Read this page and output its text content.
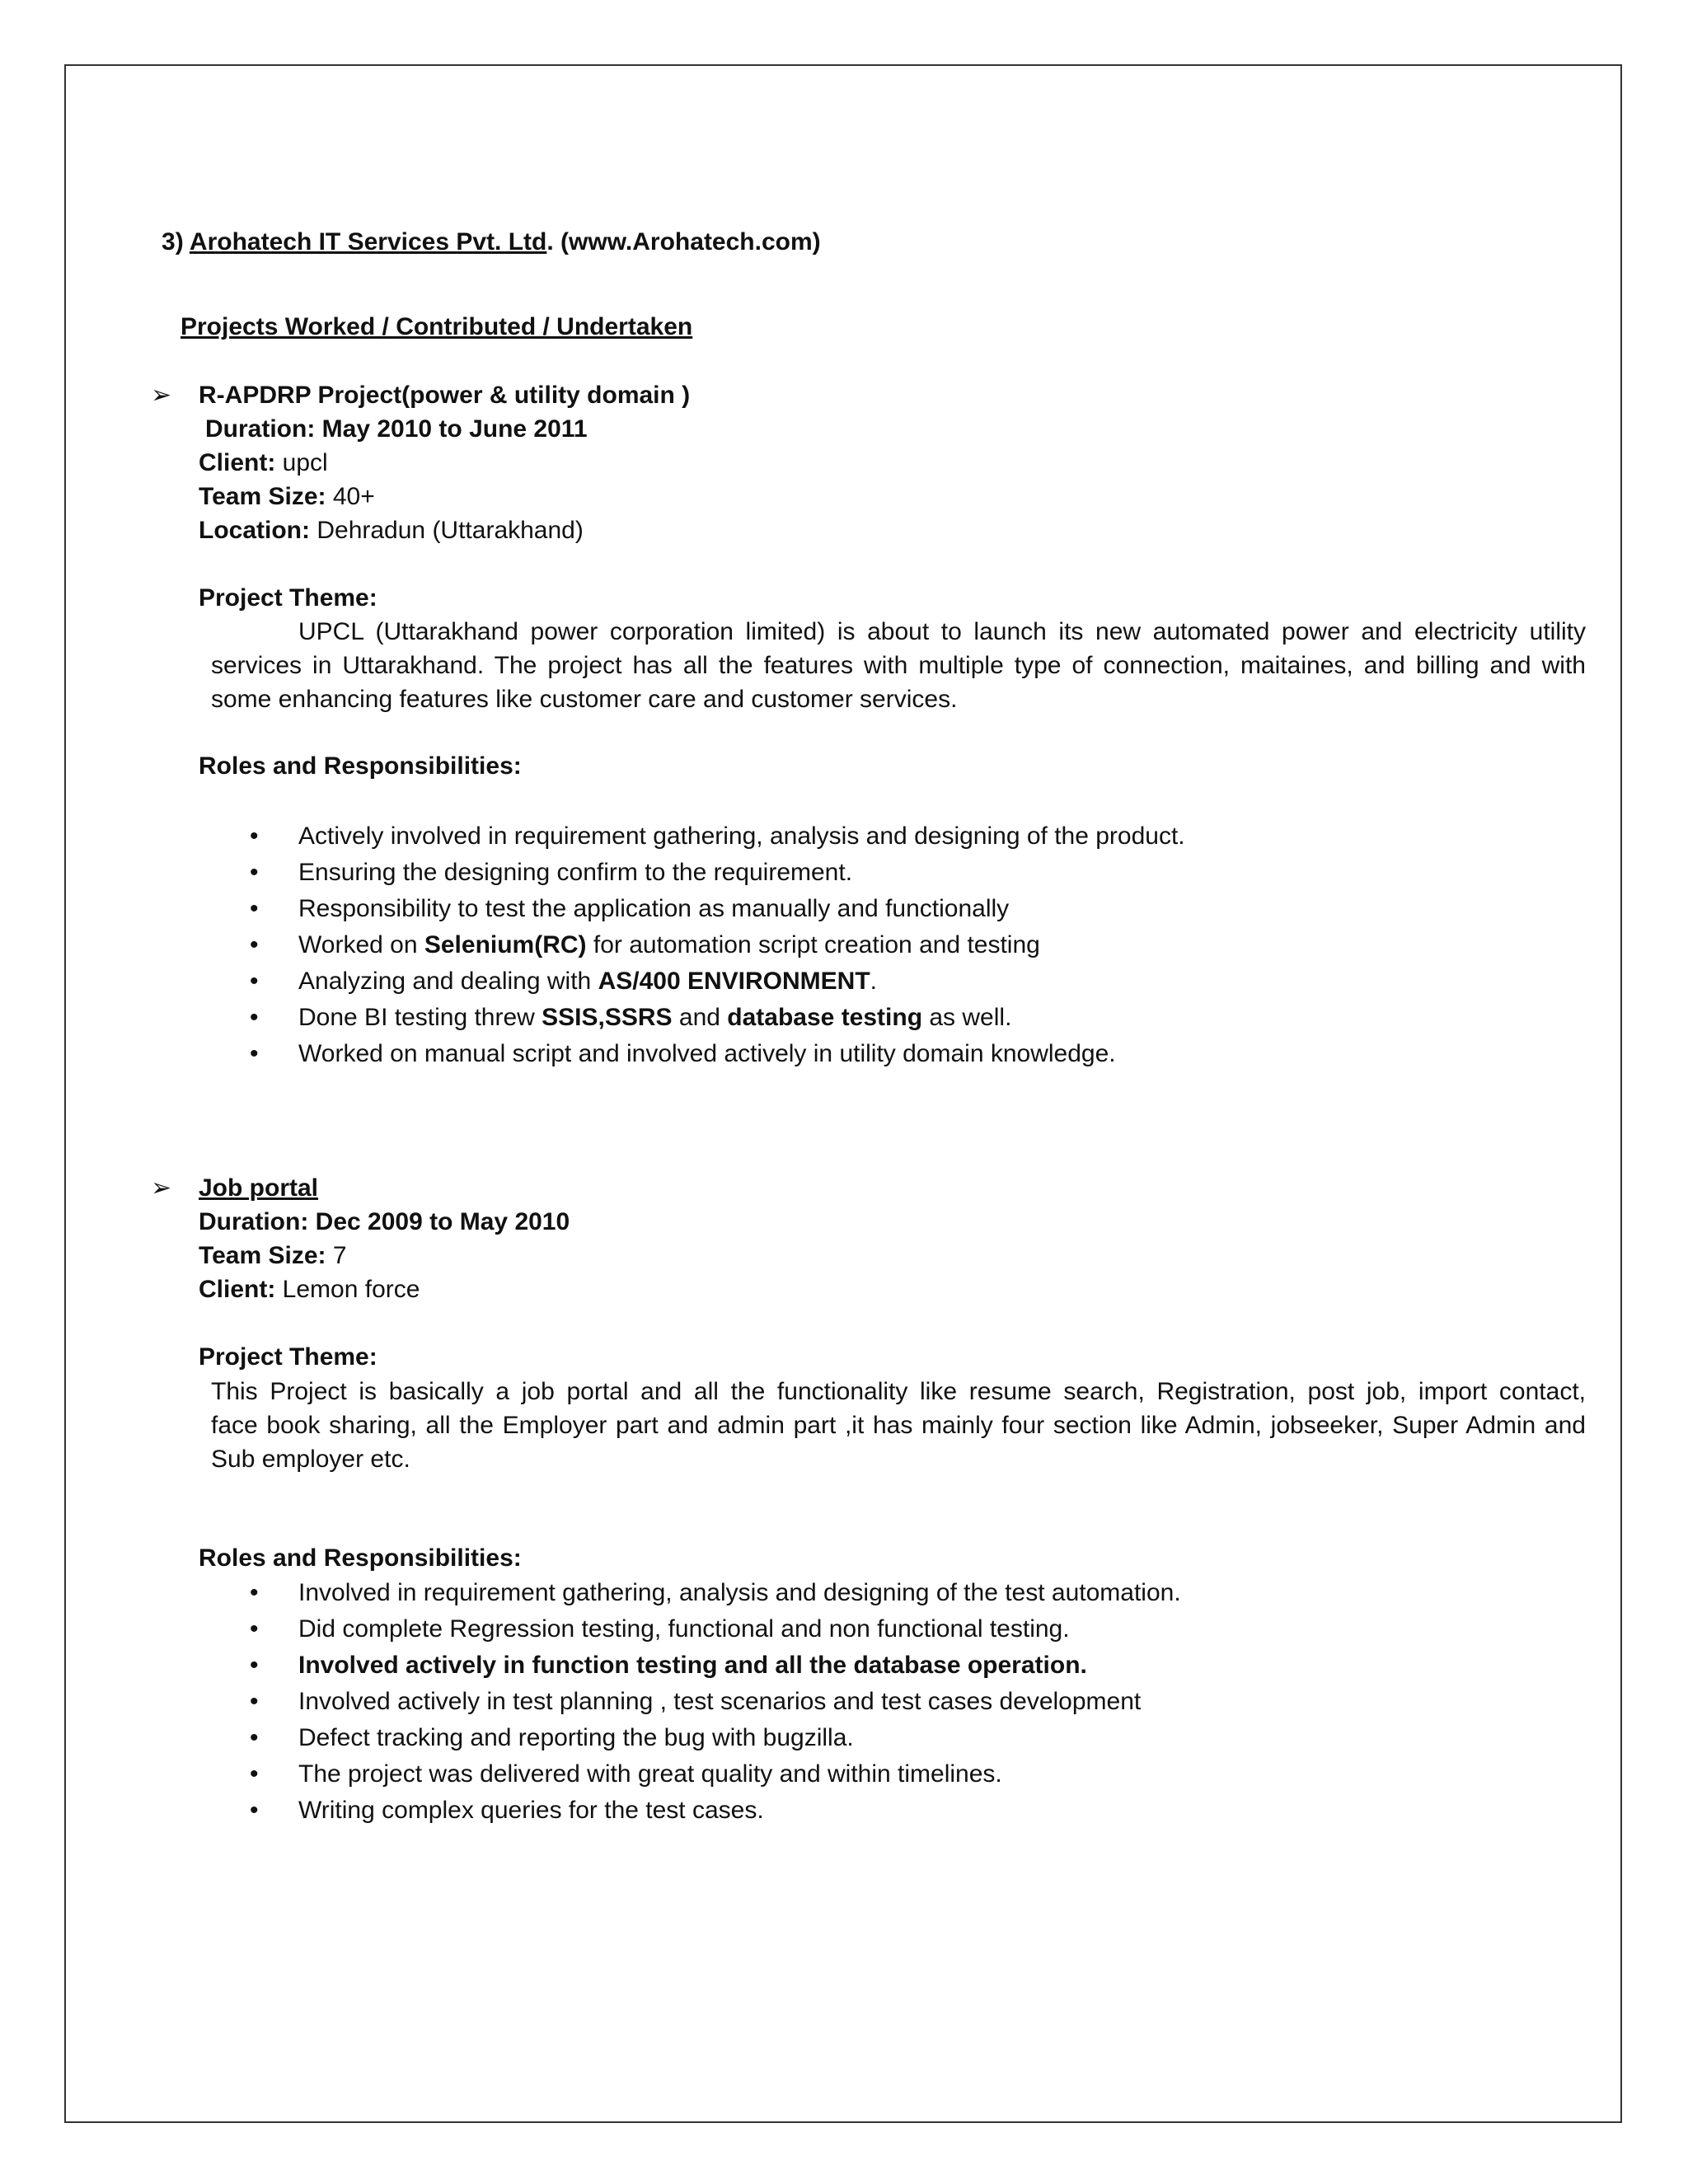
3) Arohatech IT Services Pvt. Ltd. (www.Arohatech.com)
Projects Worked / Contributed / Undertaken
➢ R-APDRP Project(power & utility domain )
Duration: May 2010 to June 2011
Client: upcl
Team Size: 40+
Location: Dehradun (Uttarakhand)
Project Theme:
UPCL (Uttarakhand power corporation limited) is about to launch its new automated power and electricity utility
services in Uttarakhand. The project has all the features with multiple type of connection, maitaines, and billing and with
some enhancing features like customer care and customer services.
Roles and Responsibilities:
• Actively involved in requirement gathering, analysis and designing of the product.
• Ensuring the designing confirm to the requirement.
• Responsibility to test the application as manually and functionally
• Worked on Selenium(RC) for automation script creation and testing
• Analyzing and dealing with AS/400 ENVIRONMENT.
• Done BI testing threw SSIS,SSRS and database testing as well.
• Worked on manual script and involved actively in utility domain knowledge.
➢ Job portal
Duration: Dec 2009 to May 2010
Team Size: 7
Client: Lemon force
Project Theme:
This Project is basically a job portal and all the functionality like resume search, Registration, post job, import contact,
face book sharing, all the Employer part and admin part ,it has mainly four section like Admin, jobseeker, Super Admin and
Sub employer etc.
Roles and Responsibilities:
• Involved in requirement gathering, analysis and designing of the test automation.
• Did complete Regression testing, functional and non functional testing.
• Involved actively in function testing and all the database operation.
• Involved actively in test planning , test scenarios and test cases development
• Defect tracking and reporting the bug with bugzilla.
• The project was delivered with great quality and within timelines.
• Writing complex queries for the test cases.
